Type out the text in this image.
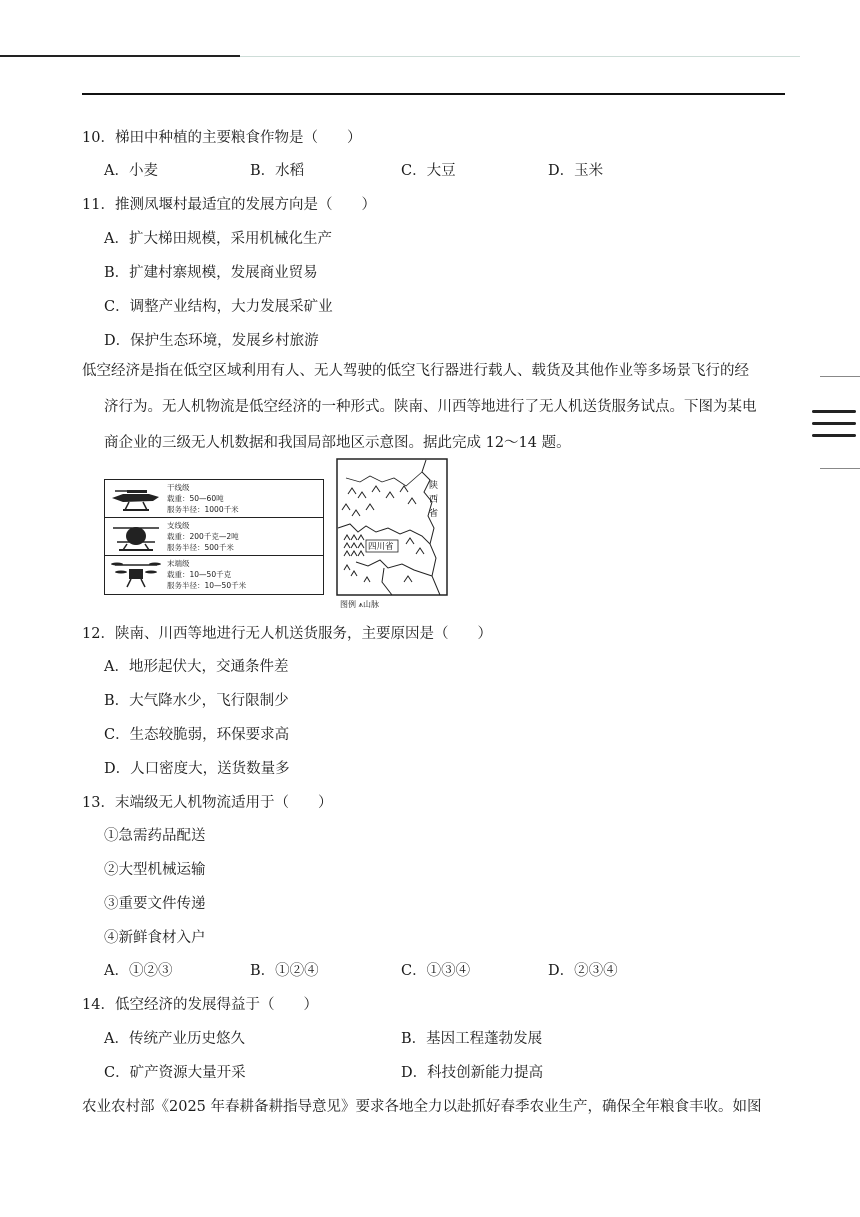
10．梯田中种植的主要粮食作物是（　　）
A．小麦	B．水稻	C．大豆	D．玉米
11．推测凤堰村最适宜的发展方向是（　　）
A．扩大梯田规模，采用机械化生产
B．扩建村寨规模，发展商业贸易
C．调整产业结构，大力发展采矿业
D．保护生态环境，发展乡村旅游
低空经济是指在低空区域利用有人、无人驾驶的低空飞行器进行载人、载货及其他作业等多场景飞行的经
济行为。无人机物流是低空经济的一种形式。陕南、川西等地进行了无人机送货服务试点。下图为某电
商企业的三级无人机数据和我国局部地区示意图。据此完成 12～14 题。
干线级
载重：50—60吨
服务半径：1000千米
支线级
载重：200千克—2吨
服务半径：500千米
末端级
载重：10—50千克
服务半径：10—50千米
陕
西
省
四川省
图例 ⩚山脉
12．陕南、川西等地进行无人机送货服务，主要原因是（　　）
A．地形起伏大，交通条件差
B．大气降水少，飞行限制少
C．生态较脆弱，环保要求高
D．人口密度大，送货数量多
13．末端级无人机物流适用于（　　）
①急需药品配送
②大型机械运输
③重要文件传递
④新鲜食材入户
A．①②③	B．①②④	C．①③④	D．②③④
14．低空经济的发展得益于（　　）
A．传统产业历史悠久	B．基因工程蓬勃发展
C．矿产资源大量开采	D．科技创新能力提高
农业农村部《2025 年春耕备耕指导意见》要求各地全力以赴抓好春季农业生产，确保全年粮食丰收。如图
